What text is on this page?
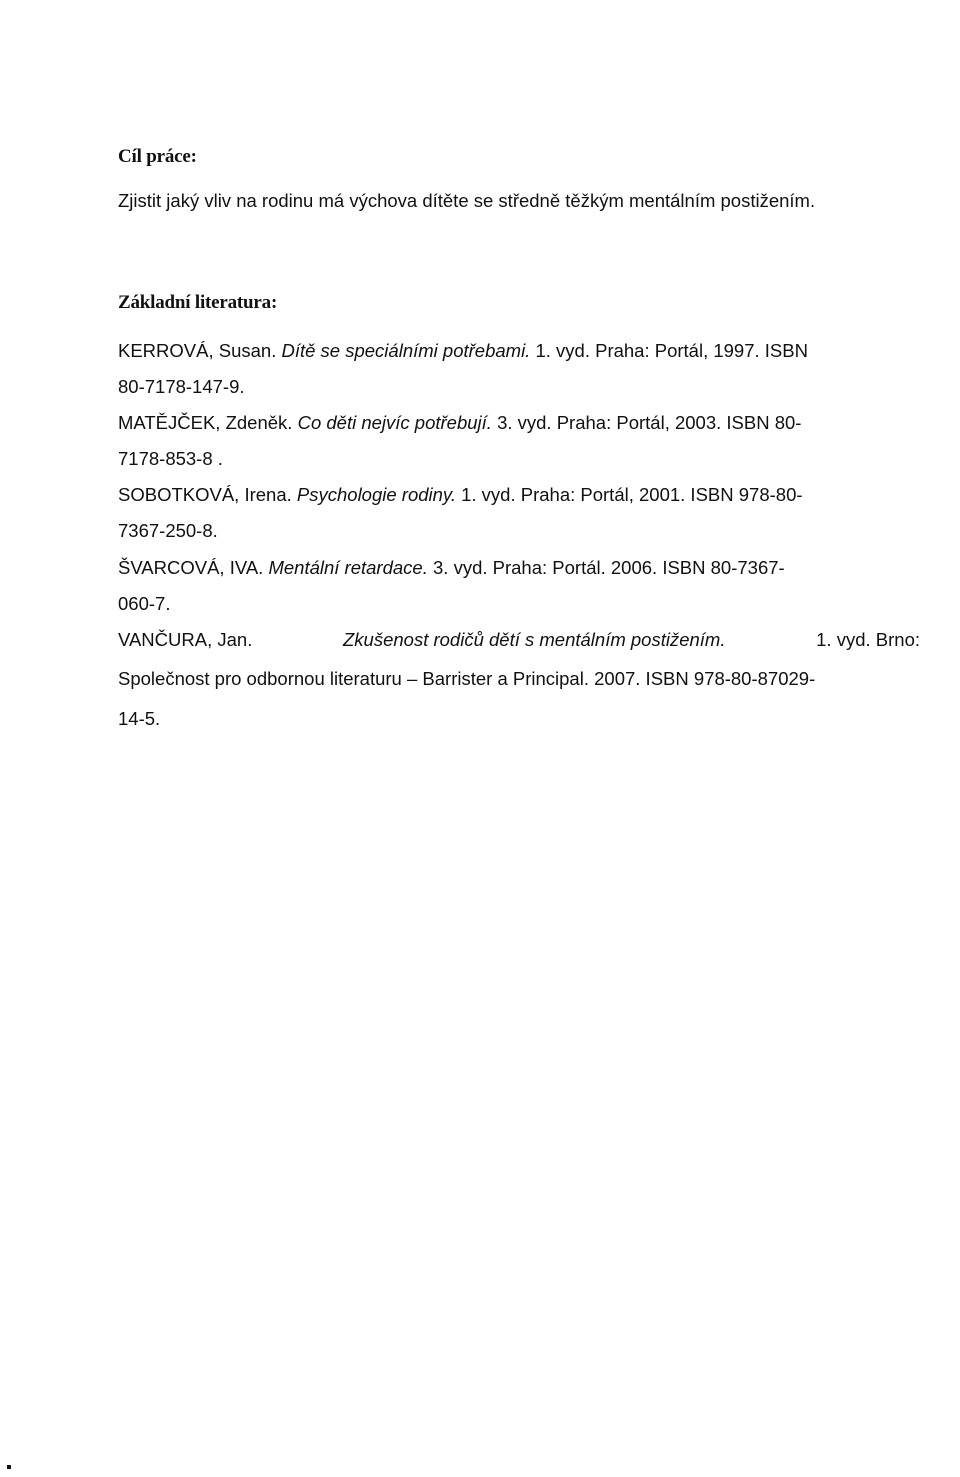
Cíl práce:
Zjistit jaký vliv na rodinu má výchova dítěte se středně těžkým mentálním postižením.
Základní literatura:
KERROVÁ, Susan. Dítě se speciálními potřebami. 1. vyd. Praha: Portál, 1997. ISBN
80-7178-147-9.
MATĚJČEK, Zdeněk. Co děti nejvíc potřebují. 3. vyd. Praha: Portál, 2003. ISBN 80-
7178-853-8 .
SOBOTKOVÁ, Irena. Psychologie rodiny. 1. vyd. Praha: Portál, 2001. ISBN 978-80-
7367-250-8.
ŠVARCOVÁ, IVA. Mentální retardace. 3. vyd. Praha: Portál. 2006. ISBN 80-7367-
060-7.
VANČURA, Jan.	Zkušenost rodičů dětí s mentálním postižením.	1. vyd. Brno:
Společnost pro odbornou literaturu – Barrister a Principal. 2007. ISBN 978-80-87029-
14-5.
